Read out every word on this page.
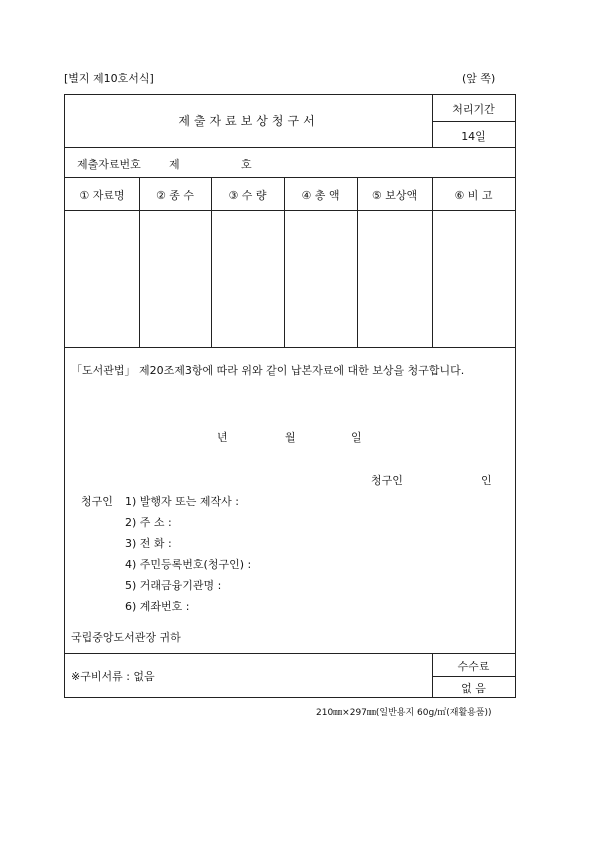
[별지 제10호서식]	(앞 쪽)
제출자료보상청구서
처리기간
14일
제출자료번호	제	호
① 자료명	② 종 수	③ 수 량	④ 총 액	⑤ 보상액	⑥ 비 고
「도서관법」 제20조제3항에 따라 위와 같이 납본자료에 대한 보상을 청구합니다.
년	월	일
청구인	인
청구인 1) 발행자 또는 제작사 :
2) 주 소 :
3) 전 화 :
4) 주민등록번호(청구인) :
5) 거래금융기관명 :
6) 계좌번호 :
국립중앙도서관장 귀하
※구비서류 : 없음
수수료
없 음
210㎜×297㎜(일반용지 60g/㎡(재활용품))
